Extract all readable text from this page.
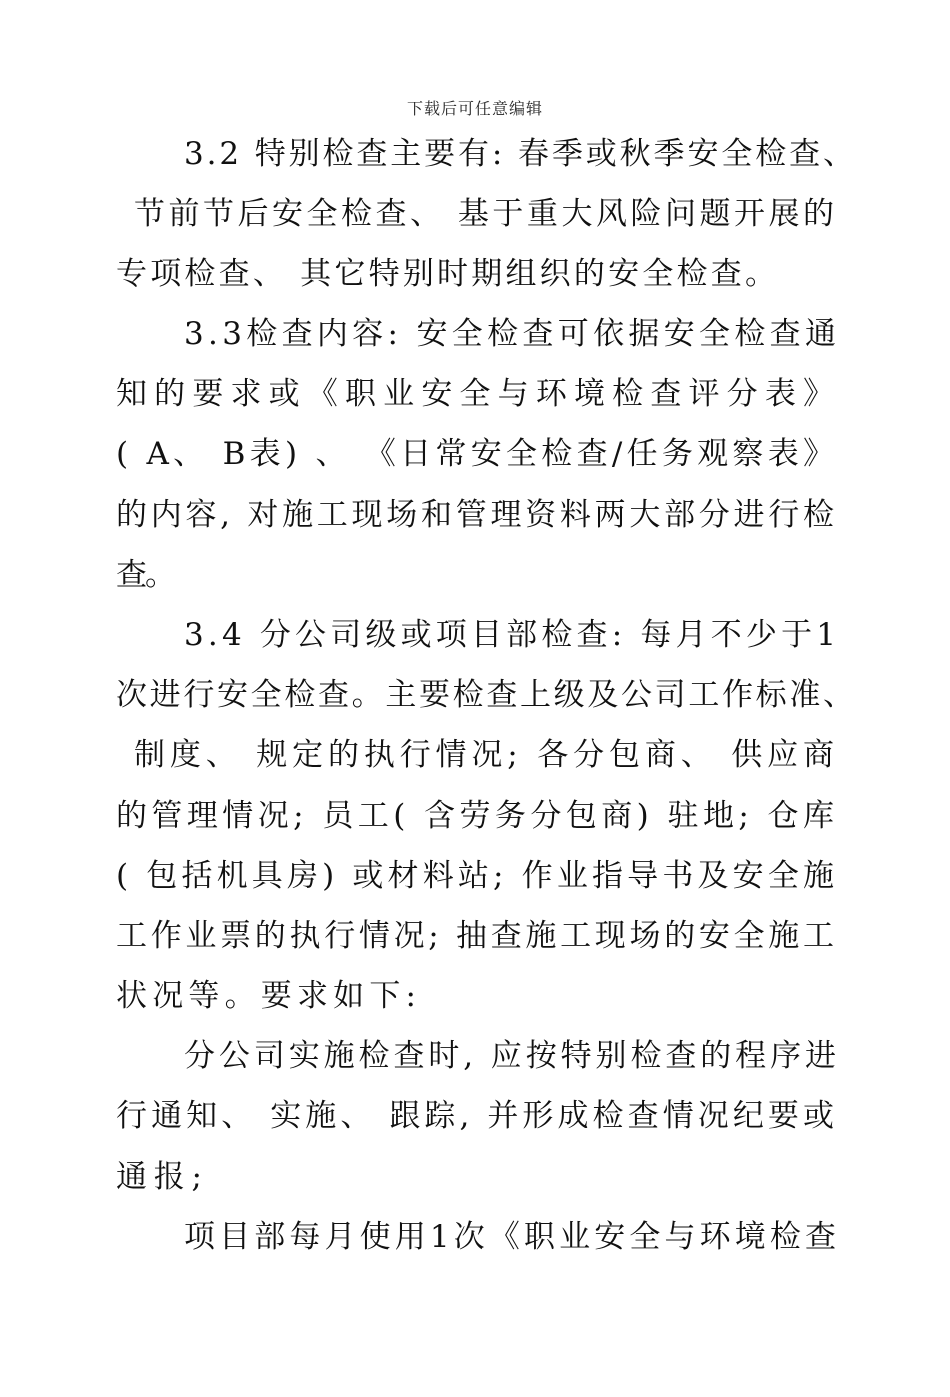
下载后可任意编辑
3.2 特别检查主要有: 春季或秋季安全检查、
节前节后安全检查、 基于重大风险问题开展的
专项检查、 其它特别时期组织的安全检查。
3.3检查内容: 安全检查可依据安全检查通
知的要求或《职业安全与环境检查评分表》
( A、 B表) 、 《日常安全检查/任务观察表》
的内容, 对施工现场和管理资料两大部分进行检
查。
3.4 分公司级或项目部检查: 每月不少于1
次进行安全检查。主要检查上级及公司工作标准、
制度、 规定的执行情况; 各分包商、 供应商
的管理情况; 员工( 含劳务分包商) 驻地; 仓库
( 包括机具房) 或材料站; 作业指导书及安全施
工作业票的执行情况; 抽查施工现场的安全施工
状况等。要求如下:
分公司实施检查时, 应按特别检查的程序进
行通知、 实施、 跟踪, 并形成检查情况纪要或
通报;
项目部每月使用1次《职业安全与环境检查
